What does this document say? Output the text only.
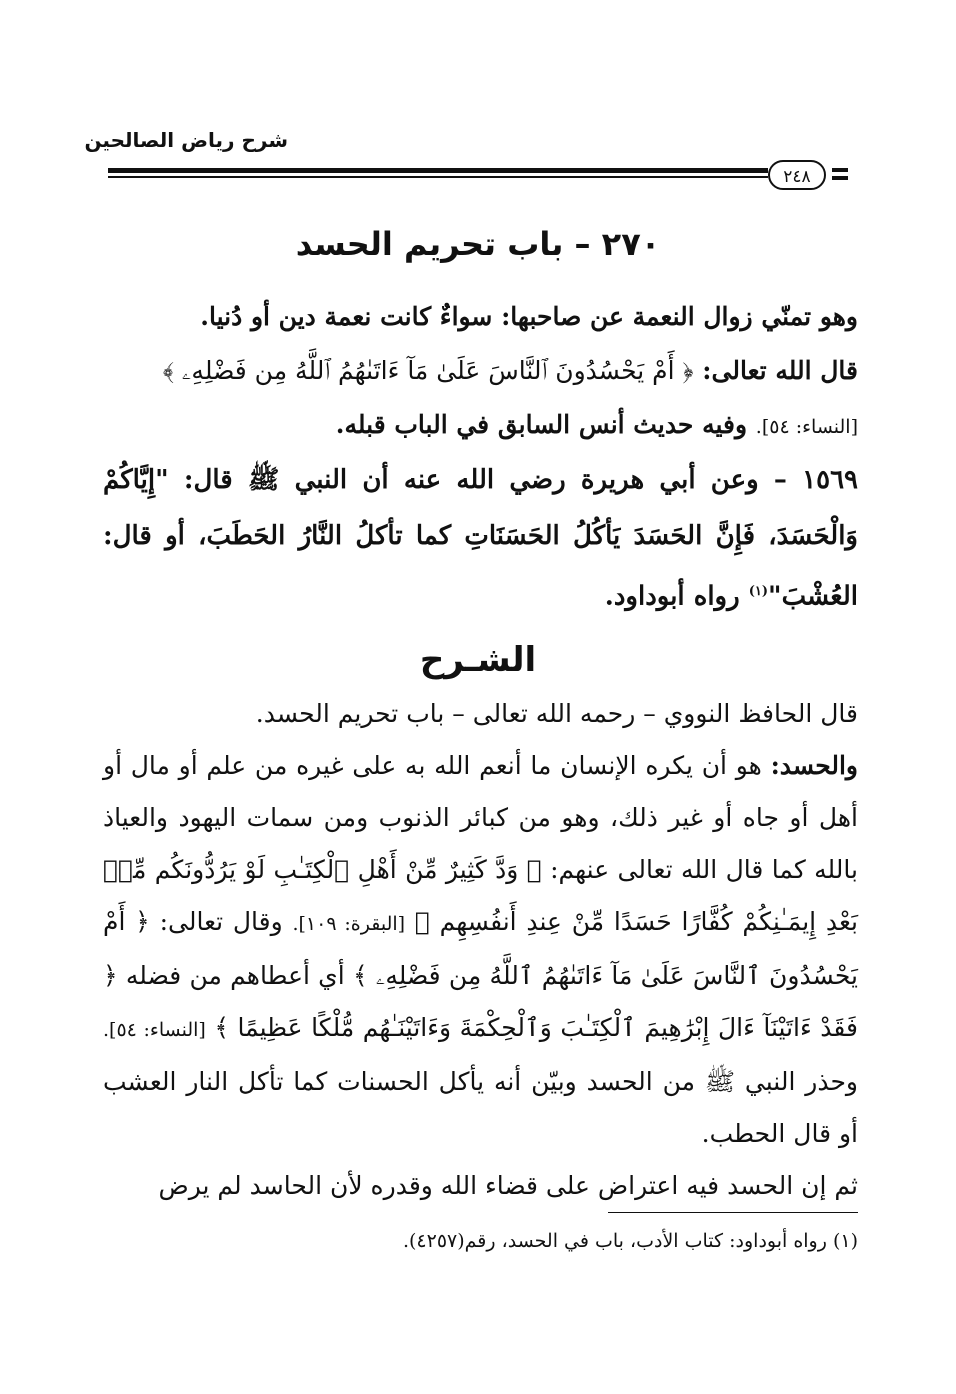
شرح رياض الصالحين
٢٤٨
٢٧٠ – باب تحريم الحسد
وهو تمنّي زوال النعمة عن صاحبها: سواءٌ كانت نعمة دين أو دُنيا.
قال الله تعالى: ﴿ أَمْ يَحْسُدُونَ ٱلنَّاسَ عَلَىٰ مَآ ءَاتَىٰهُمُ ٱللَّهُ مِن فَضْلِهِۦ ﴾
[النساء: ٥٤]. وفيه حديث أنس السابق في الباب قبله.
١٥٦٩ – وعن أبي هريرة رضي الله عنه أن النبي ﷺ قال: "إِيَّاكُمْ وَالْحَسَدَ، فَإِنَّ الحَسَدَ يَأكُلُ الحَسَنَاتِ كما تأكلُ النَّارُ الحَطَبَ، أو قال: العُشْبَ"$^{(١)}$ رواه أبوداود.
الشـرح
قال الحافظ النووي – رحمه الله تعالى – باب تحريم الحسد.
والحسد: هو أن يكره الإنسان ما أنعم الله به على غيره من علم أو مال أو أهل أو جاه أو غير ذلك، وهو من كبائر الذنوب ومن سمات اليهود والعياذ بالله كما قال الله تعالى عنهم: ﴿ وَدَّ كَثِيرٌ مِّنْ أَهْلِ ٱلْكِتَـٰبِ لَوْ يَرُدُّونَكُم مِّنۢ بَعْدِ إِيمَـٰنِكُمْ كُفَّارًا حَسَدًا مِّنْ عِندِ أَنفُسِهِم ﴾ [البقرة: ١٠٩]. وقال تعالى: ﴿ أَمْ يَحْسُدُونَ ٱلنَّاسَ عَلَىٰ مَآ ءَاتَىٰهُمُ ٱللَّهُ مِن فَضْلِهِۦ ﴾ أي أعطاهم من فضله ﴿ فَقَدْ ءَاتَيْنَآ ءَالَ إِبْرَٰهِيمَ ٱلْكِتَـٰبَ وَٱلْحِكْمَةَ وَءَاتَيْنَـٰهُم مُّلْكًا عَظِيمًا ﴾ [النساء: ٥٤]. وحذر النبي ﷺ من الحسد وبيّن أنه يأكل الحسنات كما تأكل النار العشب أو قال الحطب.
ثم إن الحسد فيه اعتراض على قضاء الله وقدره لأن الحاسد لم يرض
(١) رواه أبوداود: كتاب الأدب، باب في الحسد، رقم(٤٢٥٧).
